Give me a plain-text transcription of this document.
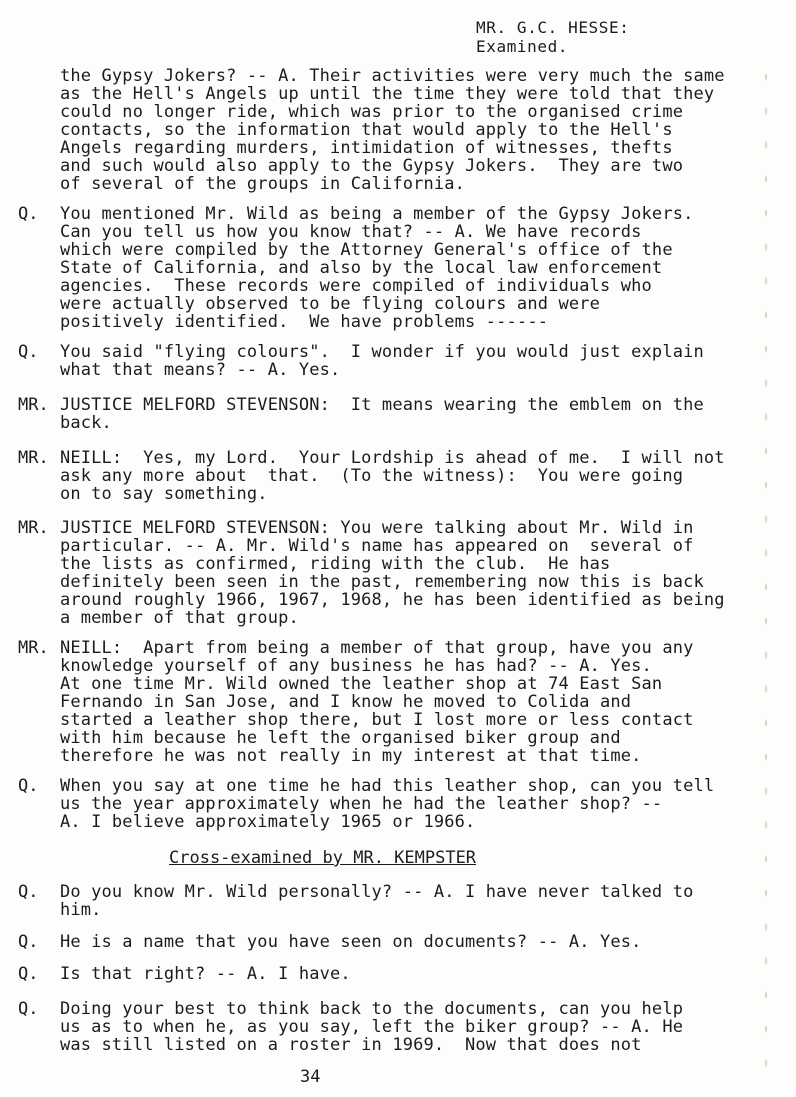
MR. G.C. HESSE:
Examined.
the Gypsy Jokers? -- A. Their activities were very much the same
as the Hell's Angels up until the time they were told that they
could no longer ride, which was prior to the organised crime
contacts, so the information that would apply to the Hell's
Angels regarding murders, intimidation of witnesses, thefts
and such would also apply to the Gypsy Jokers.  They are two
of several of the groups in California.
Q. You mentioned Mr. Wild as being a member of the Gypsy Jokers.
Can you tell us how you know that? -- A. We have records
which were compiled by the Attorney General's office of the
State of California, and also by the local law enforcement
agencies.  These records were compiled of individuals who
were actually observed to be flying colours and were
positively identified.  We have problems ------
Q. You said "flying colours".  I wonder if you would just explain
what that means? -- A. Yes.
MR. JUSTICE MELFORD STEVENSON:  It means wearing the emblem on the
back.
MR. NEILL:  Yes, my Lord.  Your Lordship is ahead of me.  I will not
ask any more about  that.  (To the witness):  You were going
on to say something.
MR. JUSTICE MELFORD STEVENSON: You were talking about Mr. Wild in
particular. -- A. Mr. Wild's name has appeared on  several of
the lists as confirmed, riding with the club.  He has
definitely been seen in the past, remembering now this is back
around roughly 1966, 1967, 1968, he has been identified as being
a member of that group.
MR. NEILL:  Apart from being a member of that group, have you any
knowledge yourself of any business he has had? -- A. Yes.
At one time Mr. Wild owned the leather shop at 74 East San
Fernando in San Jose, and I know he moved to Colida and
started a leather shop there, but I lost more or less contact
with him because he left the organised biker group and
therefore he was not really in my interest at that time.
Q. When you say at one time he had this leather shop, can you tell
us the year approximately when he had the leather shop? --
A. I believe approximately 1965 or 1966.
Cross-examined by MR. KEMPSTER
Q. Do you know Mr. Wild personally? -- A. I have never talked to
him.
Q. He is a name that you have seen on documents? -- A. Yes.
Q. Is that right? -- A. I have.
Q. Doing your best to think back to the documents, can you help
us as to when he, as you say, left the biker group? -- A. He
was still listed on a roster in 1969.  Now that does not
34
